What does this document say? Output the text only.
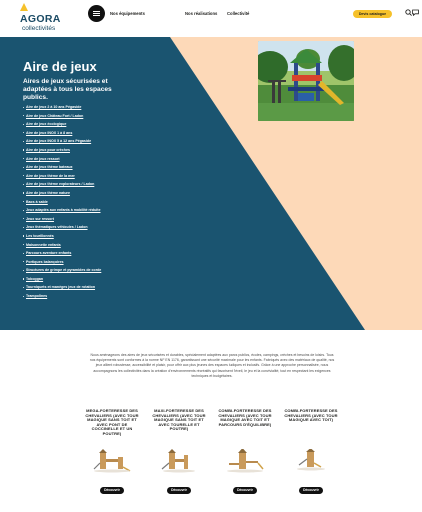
AGORA
collectivités
Nos équipements	Nos réalisations Collectivité	Devis catalogue
Aire de jeux
Aires de jeux sécurisées et adaptées à tous les espaces publics.
Aire de jeux 2 à 10 ans Pégaside
Aire de jeux Château Fort / Ladon
Aire de jeux écologique
Aire de jeux INOX 1 à 8 ans
Aire de jeux INOX 5 à 12 ans Pégaside
Aire de jeux pour crèches
Aire de jeux ressort
Aire de jeux thème bateaux
Aire de jeux thème de la mer
Aire de jeux thème explorateurs / Ladon
Aire de jeux thème nature
Bacs à sable
Jeux adaptés aux enfants à mobilité réduite
Jeux sur ressort
Jeux thématiques véhicules / Ladon
Les tourillonnés
Maisonnette enfants
Parcours aventure enfants
Portiques balançoires
Structures de grimpe et pyramides de corde
Toboggan
Tourniquets et manèges jeux de rotation
Trampolines
Nous aménageons des aires de jeux sécurisées et durables, spécialement adaptées aux parcs publics, écoles, campings, crèches et besoins de loisirs. Tous nos équipements sont conformes à la norme NF EN 1176, garantissant une sécurité maximale pour les enfants. Fabriqués avec des matériaux de qualité, nos jeux allient robustesse, accessibilité et plaisir, pour offrir aux plus jeunes des espaces ludiques et inclusifs. Grâce à une approche personnalisée, nous accompagnons les collectivités dans la création d'environnements récréatifs qui favorisent l'éveil, le jeu et la convivialité, tout en respectant les exigences techniques et budgétaires.
MEGA-FORTERESSE DES CHEVALIERS (AVEC TOUR MAGIQUE SANS TOIT ET AVEC PONT DE COCCINELLE ET UN POUTRE)
Découvrir
MAXI-FORTERESSE DES CHEVALIERS (AVEC TOUR MAGIQUE SANS TOIT ET AVEC TOURELLE ET POUTRE)
Découvrir
COMBI-FORTERESSE DES CHEVALIERS (AVEC TOUR MAGIQUE AVEC TOIT ET PARCOURS D'ÉQUILIBRE)
Découvrir
COMBI-FORTERESSE DES CHEVALIERS (AVEC TOUR MAGIQUE AVEC TOIT)
Découvrir
